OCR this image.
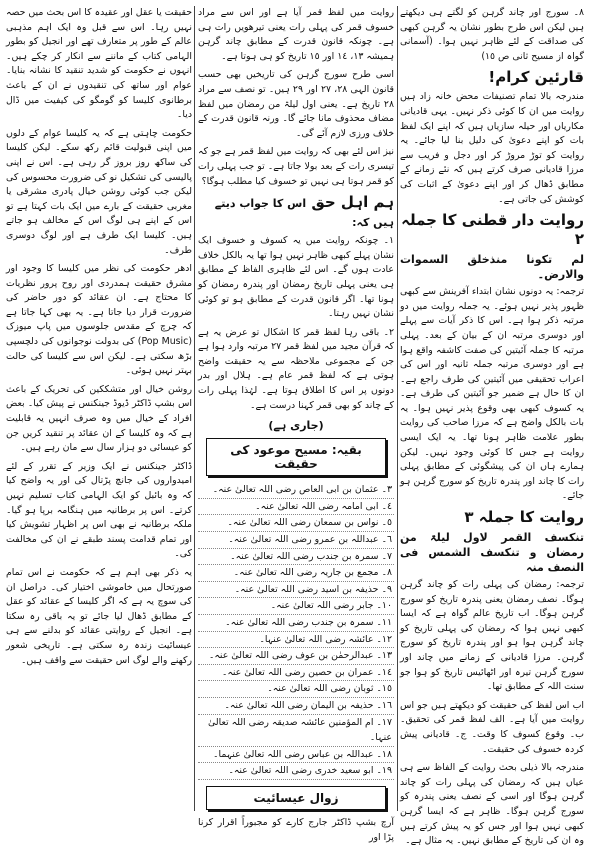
٨۔ سورج اور چاند گرہن کو لگتے ہی دیکھتے ہیں لیکن اس طرح بطور نشان یہ گرہن کبھی کی صداقت کے لئے ظاہر نہیں ہوا۔ (آسمانی گواہ از مسیح ثانی ص ١٥)

قارئین کرام!

مندرجہ بالا تمام تصنیفات محض خانہ زاد ہیں روایت میں ان کا کوئی ذکر نہیں۔ یہی قادیانی مکاریاں اور حیلہ سازیاں ہیں کہ اپنے ایک لفظ بات کو اپنے دعویٰ کی دلیل بنا لیا جائے۔ یہ روایت کو توڑ مروڑ کر اور دجل و فریب سے مرزا قادیانی صرف کرتے ہیں کہ نئے زمانے کے مطابق ڈھال کر اور اپنے دعویٰ کے اثبات کی کوشش کی جاتی ہے۔

روایت دار قطنی کا جملہ ٢

لم تکونا منذخلق السموات والارض۔

ترجمہ: یہ دونوں نشان ابتداء آفرینش سے کبھی ظہور پذیر نہیں ہوئے۔ یہ جملہ روایت میں دو مرتبہ ذکر ہوا ہے۔ اس کا ذکر آیات سے پہلے اور دوسری مرتبہ ان کے بیان کے بعد۔ پہلی مرتبہ کا جملہ آئیتین کی صفت کاشفہ واقع ہوا ہے اور دوسری مرتبہ جملہ ثانیہ اور اس کی اعراب تحقیقی میں آئیتین کی طرف راجع ہے۔ ان کا حال ہے ضمیر جو آئیتین کی طرف ہے۔ یہ کسوف کبھی بھی وقوع پذیر نہیں ہوا۔ یہ بات بالکل واضح ہے کہ مرزا صاحب کی روایت بطور علامت ظاہر ہونا تھا۔ یہ ایک ایسی روایت ہے جس کا کوئی وجود نہیں۔ لیکن ہمارے ہاں ان کی پیشگوئی کے مطابق پہلی رات کا چاند اور پندرہ تاریخ کو سورج گرہن ہو جائے۔

روایت کا جملہ ٣

تنکسف القمر لاول لیلۃ من رمضان و تنکسف الشمس فی النصف منہ

ترجمہ: رمضان کی پہلی رات کو چاند گرہن ہوگا۔ نصف رمضان یعنی پندرہ تاریخ کو سورج گرہن ہوگا۔ اب تاریخ عالم گواہ ہے کہ ایسا کبھی نہیں ہوا کہ رمضان کی پہلی تاریخ کو چاند گرہن ہوا ہو اور پندرہ تاریخ کو سورج گرہن۔ مرزا قادیانی کے زمانے میں چاند اور سورج گرہن تیرہ اور اٹھائیس تاریخ کو ہوا جو سنت اللہ کے مطابق تھا۔

اب اس لفظ کی حقیقت کو دیکھتے ہیں جو اس روایت میں آیا ہے۔ الف لفظ قمر کی تحقیق۔ ب۔ وقوع کسوف کا وقت۔ ج۔ قادیانی پیش کردہ خسوف کی حقیقت۔

مندرجہ بالا ذیلی بحث روایت کے الفاظ سے ہی عیاں ہیں کہ رمضان کی پہلی رات کو چاند گرہن ہوگا اور اسی کے نصف یعنی پندرہ کو سورج گرہن ہوگا۔ ظاہر ہے کہ ایسا گرہن کبھی نہیں ہوا اور جس کو یہ پیش کرتے ہیں وہ ان کی تاریخ کے مطابق نہیں۔ یہ مثال ہے۔

روایت میں لفظ قمر آیا ہے اور اس سے مراد خسوف قمر کی پہلی رات یعنی تیرھویں رات ہی ہے۔ چونکہ قانون قدرت کے مطابق چاند گرہن ہمیشہ ١٣، ١٤ اور ١٥ تاریخ کو ہی ہوتا ہے۔

اسی طرح سورج گرہن کی تاریخیں بھی حسب قانون الہی ٢٨، ٢٧ اور ٢٩ ہیں۔ تو نصف سے مراد ٢٨ تاریخ ہے۔ یعنی اول لیلۃ من رمضان میں لفظ مضاف محذوف مانا جائے گا۔ ورنہ قانون قدرت کے خلاف ورزی لازم آئے گی۔

نیز اس لئے بھی کہ روایت میں لفظ قمر ہے جو کہ تیسری رات کے بعد بولا جاتا ہے۔ تو جب پہلی رات کو قمر ہوتا ہی نہیں تو خسوف کیا مطلب ہوگا؟

ہم اہل حق اس کا جواب دیتے ہیں کہ:

١۔ چونکہ روایت میں یہ کسوف و خسوف ایک نشان پہلے کبھی ظاہر نہیں ہوا تھا یہ بالکل خلاف عادت ہوں گے۔ اس لئے ظاہری الفاظ کے مطابق ہی یعنی پہلی تاریخ رمضان اور پندرہ رمضان کو ہونا تھا۔ اگر قانون قدرت کے مطابق ہو تو کوئی نشان نہیں رہتا۔

٢۔ باقی رہا لفظ قمر کا اشکال تو عرض یہ ہے کہ قرآن مجید میں لفظ قمر ٢٧ مرتبہ وارد ہوا ہے جن کے مجموعی ملاحظہ سے یہ حقیقت واضح ہوتی ہے کہ لفظ قمر عام ہے۔ ہلال اور بدر دونوں پر اس کا اطلاق ہوتا ہے۔ لہٰذا پہلی رات کے چاند کو بھی قمر کہنا درست ہے۔

(جاری ہے)
بقیہ: مسیح موعود کی حقیقت
٣۔ عثمان بن ابی العاص رضی اللہ تعالیٰ عنہ۔
٤۔ ابی امامہ رضی اللہ تعالیٰ عنہ۔
٥۔ نواس بن سمعان رضی اللہ تعالیٰ عنہ۔
٦۔ عبداللہ بن عمرو رضی اللہ تعالیٰ عنہ۔
٧۔ سمرہ بن جندب رضی اللہ تعالیٰ عنہ۔
٨۔ مجمع بن جاریہ رضی اللہ تعالیٰ عنہ۔
٩۔ حذیفہ بن اسید رضی اللہ تعالیٰ عنہ۔
١٠۔ جابر رضی اللہ تعالیٰ عنہ۔
١١۔ سمرہ بن جندب رضی اللہ تعالیٰ عنہ۔
١٢۔ عائشہ رضی اللہ تعالیٰ عنہا۔
١٣۔ عبدالرحمٰن بن عوف رضی اللہ تعالیٰ عنہ۔
١٤۔ عمران بن حصین رضی اللہ تعالیٰ عنہ۔
١٥۔ ثوبان رضی اللہ تعالیٰ عنہ۔
١٦۔ حذیفہ بن الیمان رضی اللہ تعالیٰ عنہ۔
١٧۔ ام المؤمنین عائشہ صدیقہ رضی اللہ تعالیٰ عنہا۔
١٨۔ عبداللہ بن عباس رضی اللہ تعالیٰ عنہما۔
١٩۔ ابو سعید خدری رضی اللہ تعالیٰ عنہ۔
زوال عیسائیت

آرچ بشپ ڈاکٹر جارج کارے کو مجبوراً اقرار کرنا پڑا اور

حقیقت یا عقل اور عقیدہ کا اس بحث میں حصہ نہیں رہا۔ اس سے قبل وہ ایک اہم مذہبی عالم کے طور پر متعارف تھے اور انجیل کو بطور الہامی کتاب کے ماننے سے انکار کر چکے ہیں۔ انہوں نے حکومت کو شدید تنقید کا نشانہ بنایا۔ عوام اور ساتھ کی تنقیدوں نے ان کے باعث برطانوی کلیسا کو گومگو کی کیفیت میں ڈال دیا۔

حکومت چاہتی ہے کہ یہ کلیسا عوام کے دلوں میں اپنی قبولیت قائم رکھ سکے۔ لیکن کلیسا کی ساکھ روز بروز گر رہی ہے۔ اس نے اپنی پالیسی کی تشکیل نو کی ضرورت محسوس کی لیکن جب کوئی روشن خیال پادری مشرقی یا مغربی حقیقت کے بارے میں ایک بات کہتا ہے تو اس کے اپنے ہی لوگ اس کے مخالف ہو جاتے ہیں۔ کلیسا ایک طرف ہے اور لوگ دوسری طرف۔

ادھر حکومت کی نظر میں کلیسا کا وجود اور مشرق حقیقت ہمدردی اور روح پرور نظریات کا محتاج ہے۔ ان عقائد کو دور حاضر کی ضرورت قرار دیا جاتا ہے۔ یہ بھی کہا جاتا ہے کہ چرچ کے مقدس جلوسوں میں پاپ میوزک (Pop Music) کی بدولت نوجوانوں کی دلچسپی بڑھ سکتی ہے۔ لیکن اس سے کلیسا کی حالت بہتر نہیں ہوئی۔

روشن خیال اور متشککین کی تحریک کے باعث اس بشپ ڈاکٹر ڈیوڈ جینکنس نے پیش کیا۔ بعض افراد کے خیال میں وہ صرف انہیں یہ قابلیت ہے کہ وہ کلیسا کے ان عقائد پر تنقید کریں جن کو عیسائی دو ہزار سال سے مان رہے ہیں۔

ڈاکٹر جینکنس نے ایک وزیر کے تقرر کے لئے امیدواروں کی جانچ پڑتال کی اور یہ واضح کیا کہ وہ بائبل کو ایک الہامی کتاب تسلیم نہیں کرتے۔ اس پر برطانیہ میں ہنگامہ برپا ہو گیا۔ ملکہ برطانیہ نے بھی اس پر اظہار تشویش کیا اور تمام قدامت پسند طبقے نے ان کی مخالفت کی۔

یہ ذکر بھی اہم ہے کہ حکومت نے اس تمام صورتحال میں خاموشی اختیار کی۔ دراصل ان کی سوچ یہ ہے کہ اگر کلیسا کے عقائد کو عقل کے مطابق ڈھال لیا جائے تو یہ باقی رہ سکتا ہے۔ انجیل کے روایتی عقائد کو بدلنے سے ہی عیسائیت زندہ رہ سکتی ہے۔ تاریخی شعور رکھنے والے لوگ اس حقیقت سے واقف ہیں۔
